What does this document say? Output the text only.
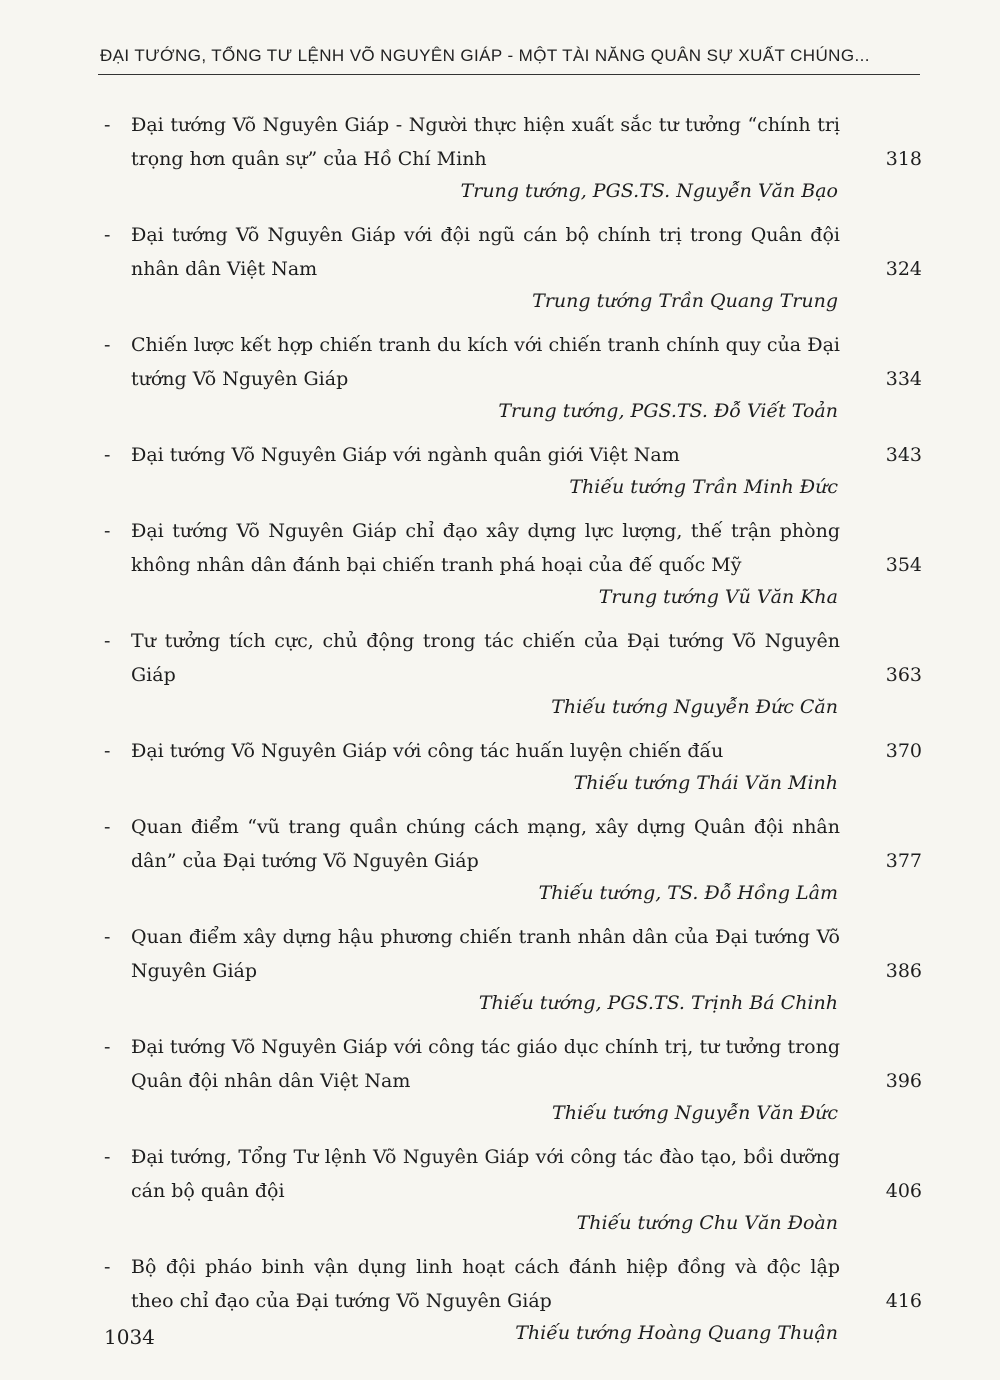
ĐẠI TƯỚNG, TỔNG TƯ LỆNH VÕ NGUYÊN GIÁP - MỘT TÀI NĂNG QUÂN SỰ XUẤT CHÚNG...
- Đại tướng Võ Nguyên Giáp - Người thực hiện xuất sắc tư tưởng “chính trị trọng hơn quân sự” của Hồ Chí Minh	318
Trung tướng, PGS.TS. Nguyễn Văn Bạo
- Đại tướng Võ Nguyên Giáp với đội ngũ cán bộ chính trị trong Quân đội nhân dân Việt Nam	324
Trung tướng Trần Quang Trung
- Chiến lược kết hợp chiến tranh du kích với chiến tranh chính quy của Đại tướng Võ Nguyên Giáp	334
Trung tướng, PGS.TS. Đỗ Viết Toản
- Đại tướng Võ Nguyên Giáp với ngành quân giới Việt Nam	343
Thiếu tướng Trần Minh Đức
- Đại tướng Võ Nguyên Giáp chỉ đạo xây dựng lực lượng, thế trận phòng không nhân dân đánh bại chiến tranh phá hoại của đế quốc Mỹ	354
Trung tướng Vũ Văn Kha
- Tư tưởng tích cực, chủ động trong tác chiến của Đại tướng Võ Nguyên Giáp	363
Thiếu tướng Nguyễn Đức Căn
- Đại tướng Võ Nguyên Giáp với công tác huấn luyện chiến đấu	370
Thiếu tướng Thái Văn Minh
- Quan điểm “vũ trang quần chúng cách mạng, xây dựng Quân đội nhân dân” của Đại tướng Võ Nguyên Giáp	377
Thiếu tướng, TS. Đỗ Hồng Lâm
- Quan điểm xây dựng hậu phương chiến tranh nhân dân của Đại tướng Võ Nguyên Giáp	386
Thiếu tướng, PGS.TS. Trịnh Bá Chinh
- Đại tướng Võ Nguyên Giáp với công tác giáo dục chính trị, tư tưởng trong Quân đội nhân dân Việt Nam	396
Thiếu tướng Nguyễn Văn Đức
- Đại tướng, Tổng Tư lệnh Võ Nguyên Giáp với công tác đào tạo, bồi dưỡng cán bộ quân đội	406
Thiếu tướng Chu Văn Đoàn
- Bộ đội pháo binh vận dụng linh hoạt cách đánh hiệp đồng và độc lập theo chỉ đạo của Đại tướng Võ Nguyên Giáp	416
Thiếu tướng Hoàng Quang Thuận
1034
